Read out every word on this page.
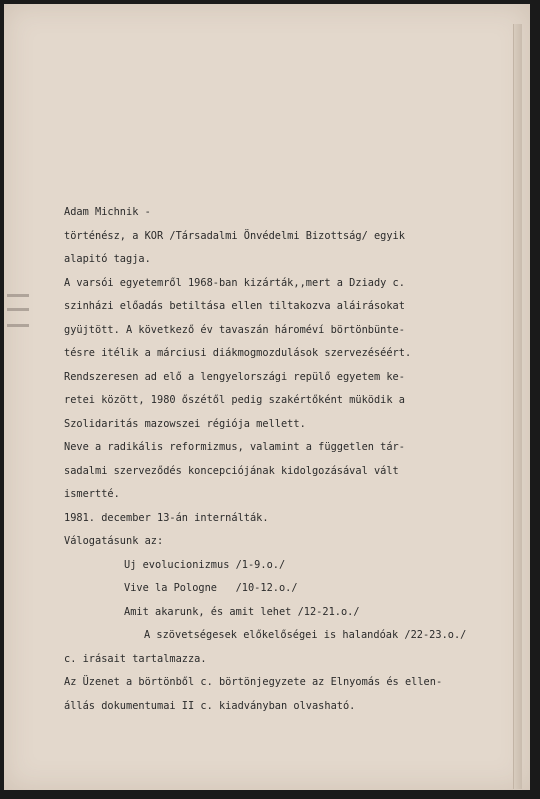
Adam Michnik -
történész, a KOR /Társadalmi Önvédelmi Bizottság/ egyik
alapitó tagja.
A varsói egyetemről 1968-ban kizárták,,mert a Dziady c.
szinházi előadás betiltása ellen tiltakozva aláirásokat
gyüjtött. A következő év tavaszán hároméví börtönbünte-
tésre itélik a márciusi diákmogmozdulások szervezéséért.
Rendszeresen ad elő a lengyelországi repülő egyetem ke-
retei között, 1980 őszétől pedig szakértőként müködik a
Szolidaritás mazowszei régiója mellett.
Neve a radikális reformizmus, valamint a független tár-
sadalmi szerveződés koncepciójának kidolgozásával vált
ismertté.
1981. december 13-án internálták.
Válogatásunk az:
Uj evolucionizmus /1-9.o./
Vive la Pologne   /10-12.o./
Amit akarunk, és amit lehet /12-21.o./
A szövetségesek előkelőségei is halandóak /22-23.o./
c. irásait tartalmazza.
Az Üzenet a börtönből c. börtönjegyzete az Elnyomás és ellen-
állás dokumentumai II c. kiadványban olvasható.
